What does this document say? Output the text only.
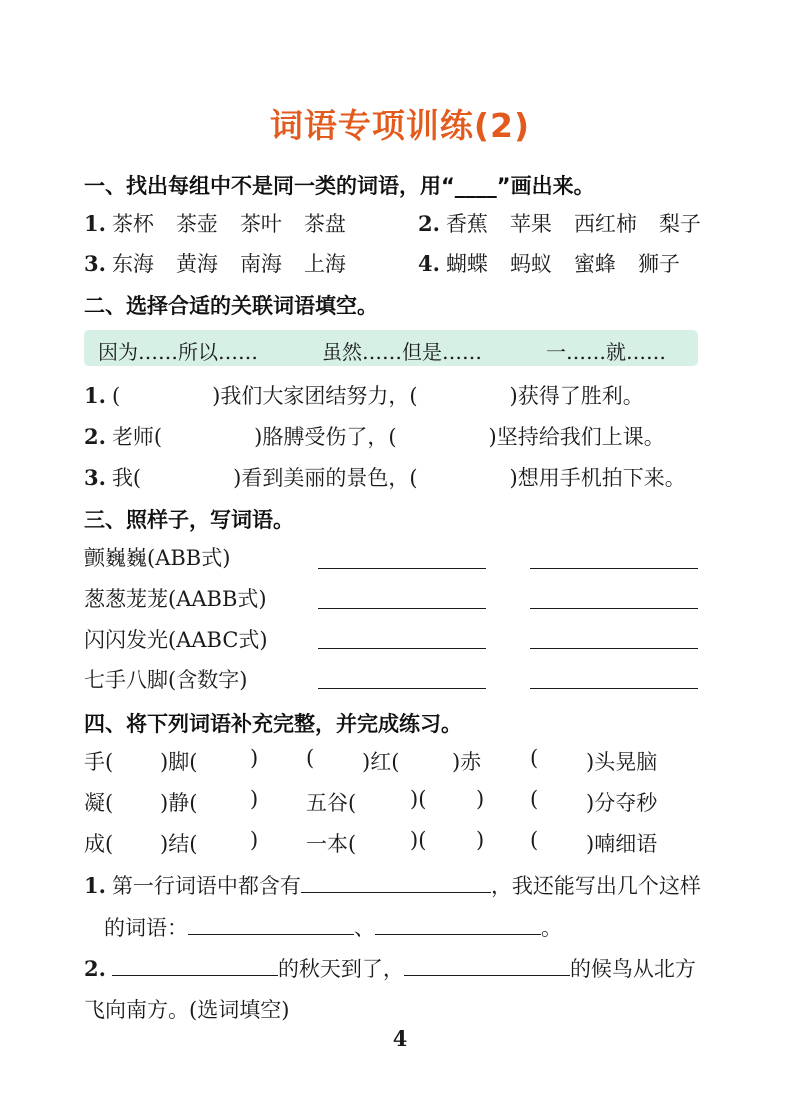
词语专项训练(2)
一、找出每组中不是同一类的词语，用“____”画出来。
1. 茶杯 茶壶 茶叶 茶盘	2. 香蕉 苹果 西红柿 梨子
3. 东海 黄海 南海 上海	4. 蝴蝶 蚂蚁 蜜蜂 狮子
二、选择合适的关联词语填空。
因为……所以……	虽然……但是……	一……就……
1. (	)我们大家团结努力，(	)获得了胜利。
2. 老师(	)胳膊受伤了，(	)坚持给我们上课。
3. 我(	)看到美丽的景色，(	)想用手机拍下来。
三、照样子，写词语。
颤巍巍(ABB式)
葱葱茏茏(AABB式)
闪闪发光(AABC式)
七手八脚(含数字)
四、将下列词语补充完整，并完成练习。
手( )脚(	) ( )红(	)赤 ( )头晃脑
凝( )静(	) 五谷(	)( ) ( )分夺秒
成( )结(	) 一本(	)( ) ( )喃细语
1. 第一行词语中都含有	，我还能写出几个这样
的词语：	、	。
2.	的秋天到了，	的候鸟从北方
飞向南方。(选词填空)
4
